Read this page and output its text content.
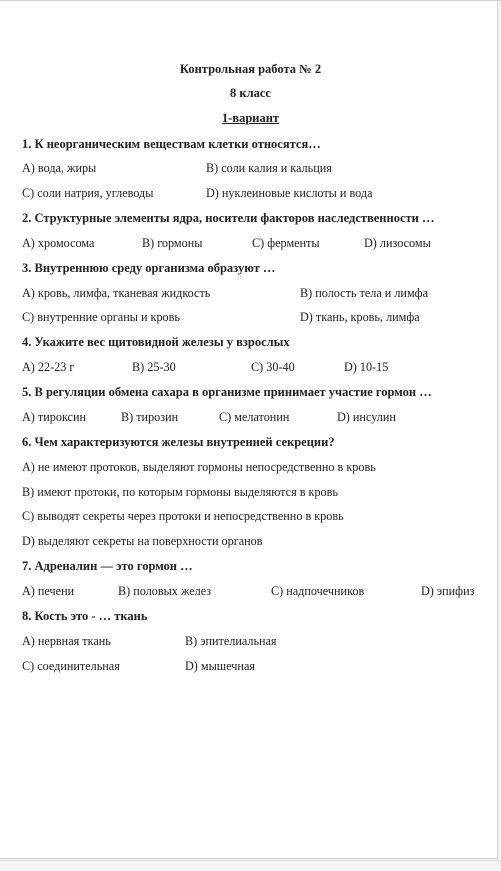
Контрольная работа № 2
8 класс
1-вариант
1. К неорганическим веществам клетки относятся…
А) вода, жиры	В) соли калия и кальция
С) соли натрия, углеводы	D) нуклеиновые кислоты и вода
2. Структурные элементы ядра, носители факторов наследственности …
А) хромосома	В) гормоны	С) ферменты	D) лизосомы
3. Внутреннюю среду организма образуют …
А) кровь, лимфа, тканевая жидкость	В) полость тела и лимфа
С) внутренние органы и кровь	D) ткань, кровь, лимфа
4. Укажите вес щитовидной железы у взрослых
А) 22-23 г	В) 25-30	С) 30-40	D) 10-15
5. В регуляции обмена сахара в организме принимает участие гормон …
А) тироксин	В) тирозин	С) мелатонин	D) инсулин
6. Чем характеризуются железы внутренней секреции?
А) не имеют протоков, выделяют гормоны непосредственно в кровь
В) имеют протоки, по которым гормоны выделяются в кровь
С) выводят секреты через протоки и непосредственно в кровь
D) выделяют секреты на поверхности органов
7. Адреналин — это гормон …
А) печени	В) половых желез	С) надпочечников	D) эпифиз
8. Кость это - … ткань
А) нервная ткань	В) эпителиальная
С) соединительная	D) мышечная
